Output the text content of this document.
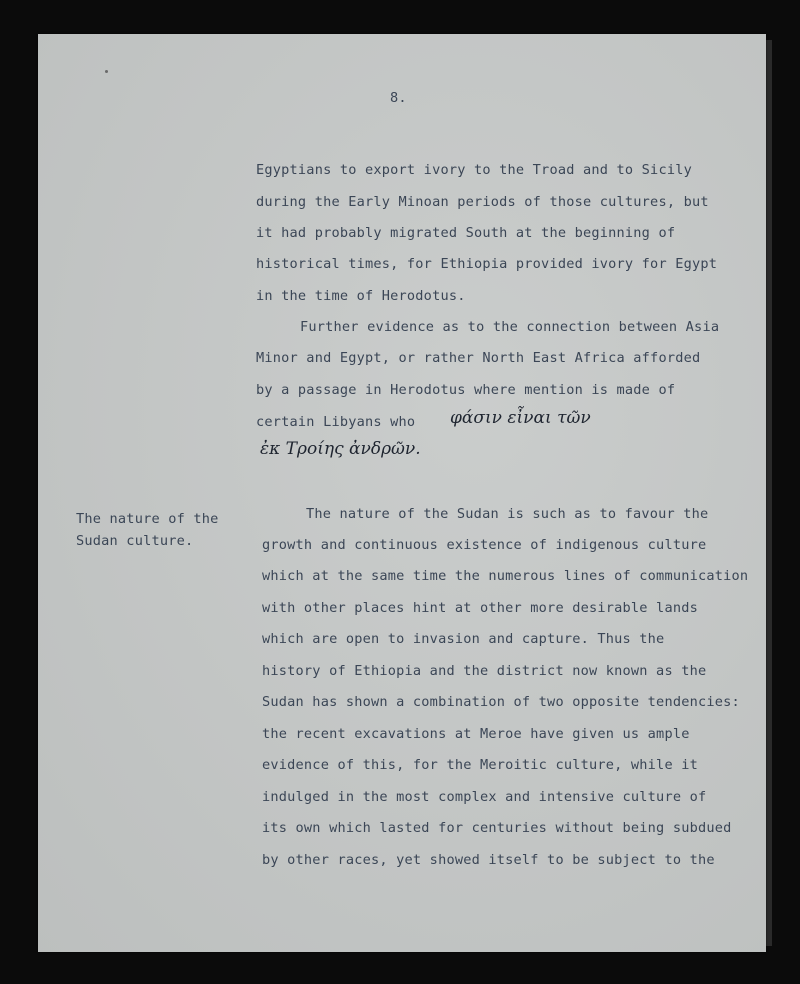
8.
Egyptians to export ivory to the Troad and to Sicily
during the Early Minoan periods of those cultures, but
it had probably migrated South at the beginning of
historical times, for Ethiopia provided ivory for Egypt
in the time of Herodotus.
Further evidence as to the connection between Asia
Minor and Egypt, or rather North East Africa afforded
by a passage in Herodotus where mention is made of
certain Libyans who φάσιν εἶναι τῶν
ἐκ Τροίης ἀνδρῶν.
The nature of the
Sudan culture.
The nature of the Sudan is such as to favour the
growth and continuous existence of indigenous culture
which at the same time the numerous lines of communication
with other places hint at other more desirable lands
which are open to invasion and capture. Thus the
history of Ethiopia and the district now known as the
Sudan has shown a combination of two opposite tendencies:
the recent excavations at Meroe have given us ample
evidence of this, for the Meroitic culture, while it
indulged in the most complex and intensive culture of
its own which lasted for centuries without being subdued
by other races, yet showed itself to be subject to the
